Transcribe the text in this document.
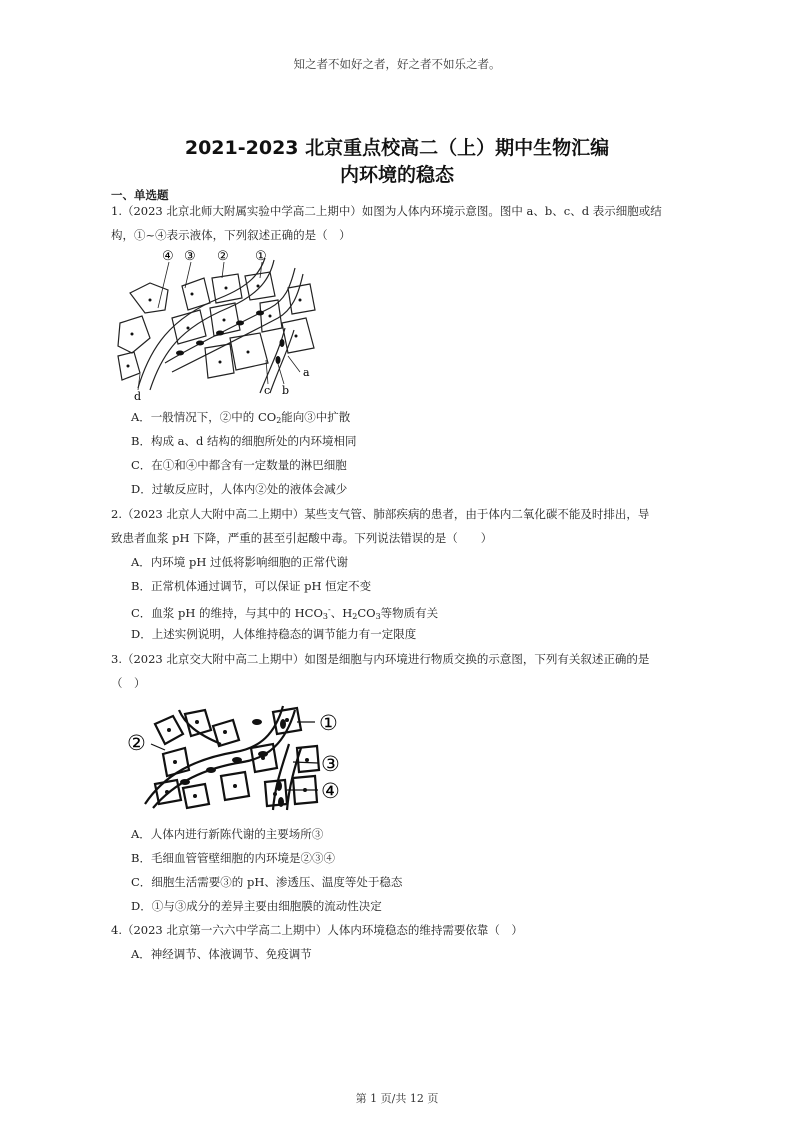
知之者不如好之者，好之者不如乐之者。
2021-2023 北京重点校高二（上）期中生物汇编
内环境的稳态
一、单选题
1.（2023 北京北师大附属实验中学高二上期中）如图为人体内环境示意图。图中 a、b、c、d 表示细胞或结
构，①~④表示液体，下列叙述正确的是（　）
④ ③ ② ①
a
b
c
d
A．一般情况下，②中的 $CO_2$能向③中扩散
B．构成 a、d 结构的细胞所处的内环境相同
C．在①和④中都含有一定数量的淋巴细胞
D．过敏反应时，人体内②处的液体会减少
2.（2023 北京人大附中高二上期中）某些支气管、肺部疾病的患者，由于体内二氧化碳不能及时排出，导
致患者血浆 pH 下降，严重的甚至引起酸中毒。下列说法错误的是（　　）
A．内环境 pH 过低将影响细胞的正常代谢
B．正常机体通过调节，可以保证 pH 恒定不变
C．血浆 pH 的维持，与其中的 $HCO_3^-$、$H_2CO_3$等物质有关
D．上述实例说明，人体维持稳态的调节能力有一定限度
3.（2023 北京交大附中高二上期中）如图是细胞与内环境进行物质交换的示意图，下列有关叙述正确的是
（　）
①
②
③
④
A．人体内进行新陈代谢的主要场所③
B．毛细血管管壁细胞的内环境是②③④
C．细胞生活需要③的 pH、渗透压、温度等处于稳态
D．①与③成分的差异主要由细胞膜的流动性决定
4.（2023 北京第一六六中学高二上期中）人体内环境稳态的维持需要依靠（　）
A．神经调节、体液调节、免疫调节
第 1 页/共 12 页
